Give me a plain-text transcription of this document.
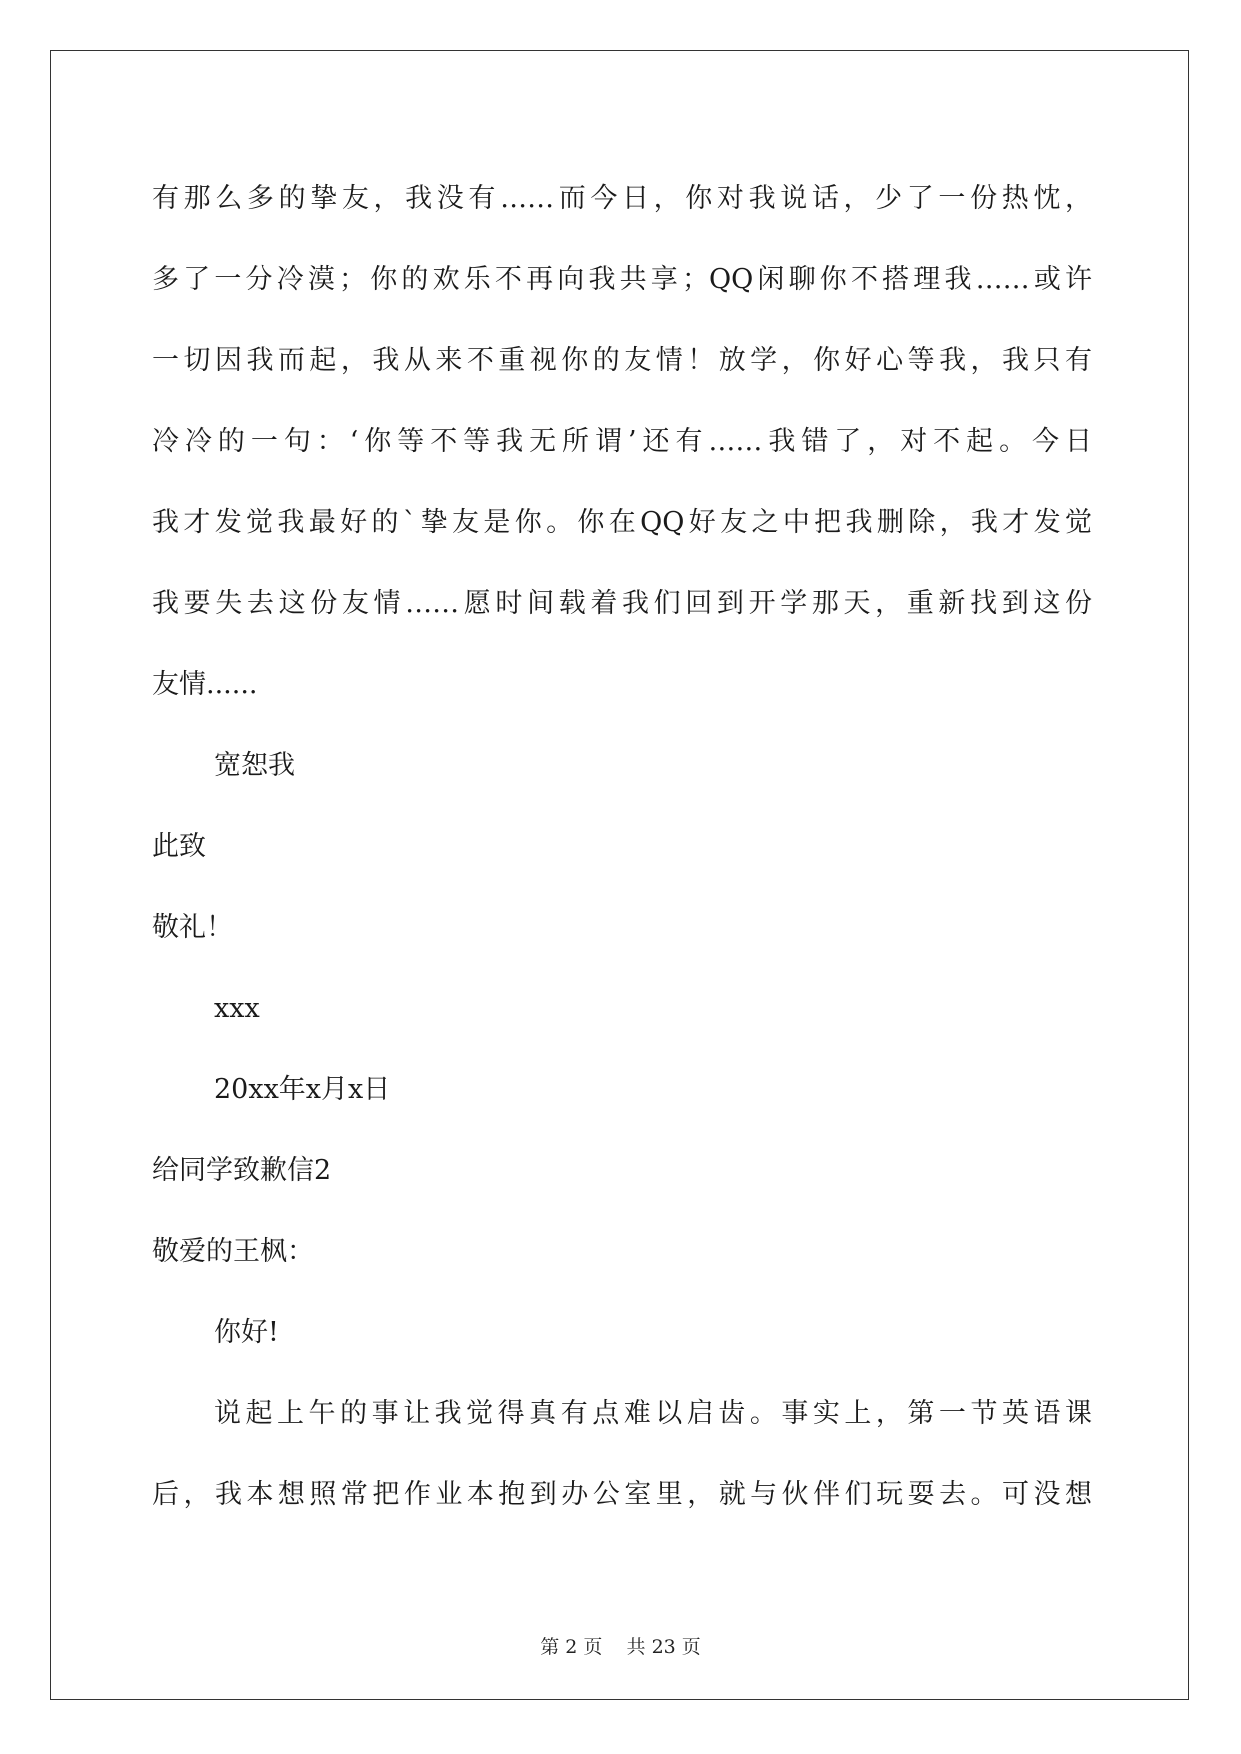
有那么多的挚友，我没有……而今日，你对我说话，少了一份热忱，
多了一分冷漠；你的欢乐不再向我共享；QQ闲聊你不搭理我……或许
一切因我而起，我从来不重视你的友情！放学，你好心等我，我只有
冷冷的一句：‘你等不等我无所谓’还有……我错了，对不起。今日
我才发觉我最好的`挚友是你。你在QQ好友之中把我删除，我才发觉
我要失去这份友情……愿时间载着我们回到开学那天，重新找到这份
友情......
宽恕我
此致
敬礼！
xxx
20xx年x月x日
给同学致歉信2
敬爱的王枫：
你好!
说起上午的事让我觉得真有点难以启齿。事实上，第一节英语课
后，我本想照常把作业本抱到办公室里，就与伙伴们玩耍去。可没想
第 2 页 共 23 页
